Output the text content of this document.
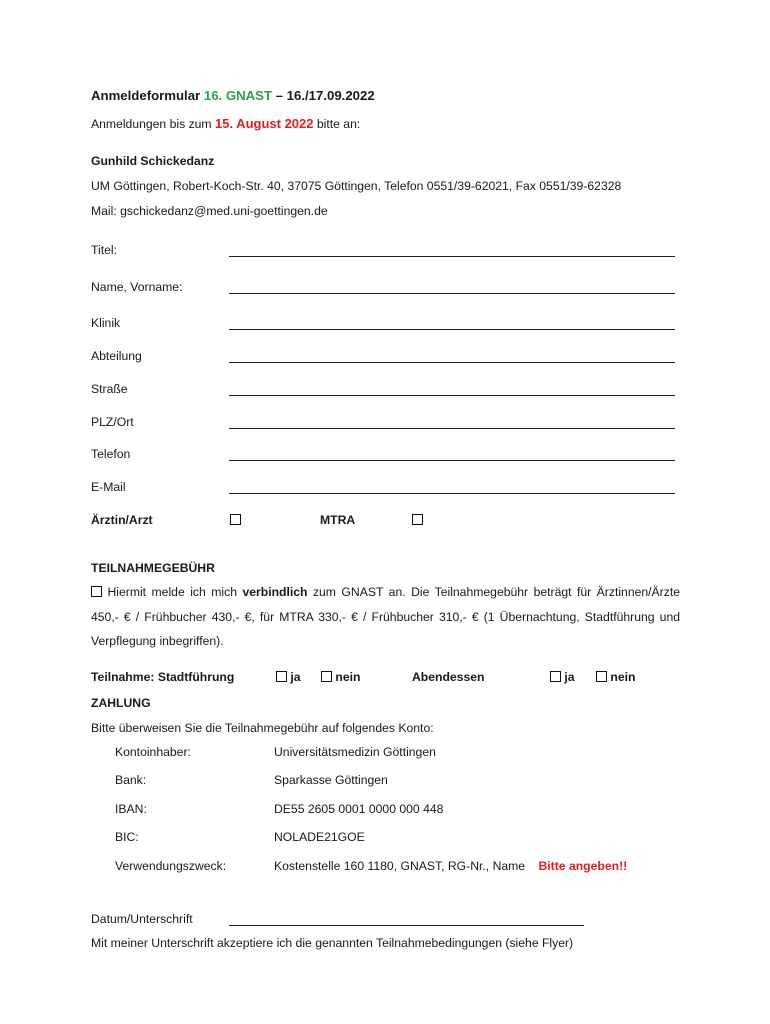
Anmeldeformular 16. GNAST – 16./17.09.2022
Anmeldungen bis zum 15. August 2022 bitte an:
Gunhild Schickedanz
UM Göttingen, Robert-Koch-Str. 40, 37075 Göttingen, Telefon 0551/39-62021, Fax 0551/39-62328
Mail: gschickedanz@med.uni-goettingen.de
Titel:
Name, Vorname:
Klinik
Abteilung
Straße
PLZ/Ort
Telefon
E-Mail
Ärztin/Arzt	MTRA
TEILNAHMEGEBÜHR
Hiermit melde ich mich verbindlich zum GNAST an. Die Teilnahmegebühr beträgt für Ärztinnen/Ärzte 450,- € / Frühbucher 430,- €, für MTRA 330,- € / Frühbucher 310,- € (1 Übernachtung, Stadtführung und Verpflegung inbegriffen).
Teilnahme: Stadtführung	ja	nein	Abendessen	ja	nein
ZAHLUNG
Bitte überweisen Sie die Teilnahmegebühr auf folgendes Konto:
Kontoinhaber:	Universitätsmedizin Göttingen
Bank:	Sparkasse Göttingen
IBAN:	DE55 2605 0001 0000 000 448
BIC:	NOLADE21GOE
Verwendungszweck:	Kostenstelle 160 1180, GNAST, RG-Nr., Name Bitte angeben!!
Datum/Unterschrift
Mit meiner Unterschrift akzeptiere ich die genannten Teilnahmebedingungen (siehe Flyer)
